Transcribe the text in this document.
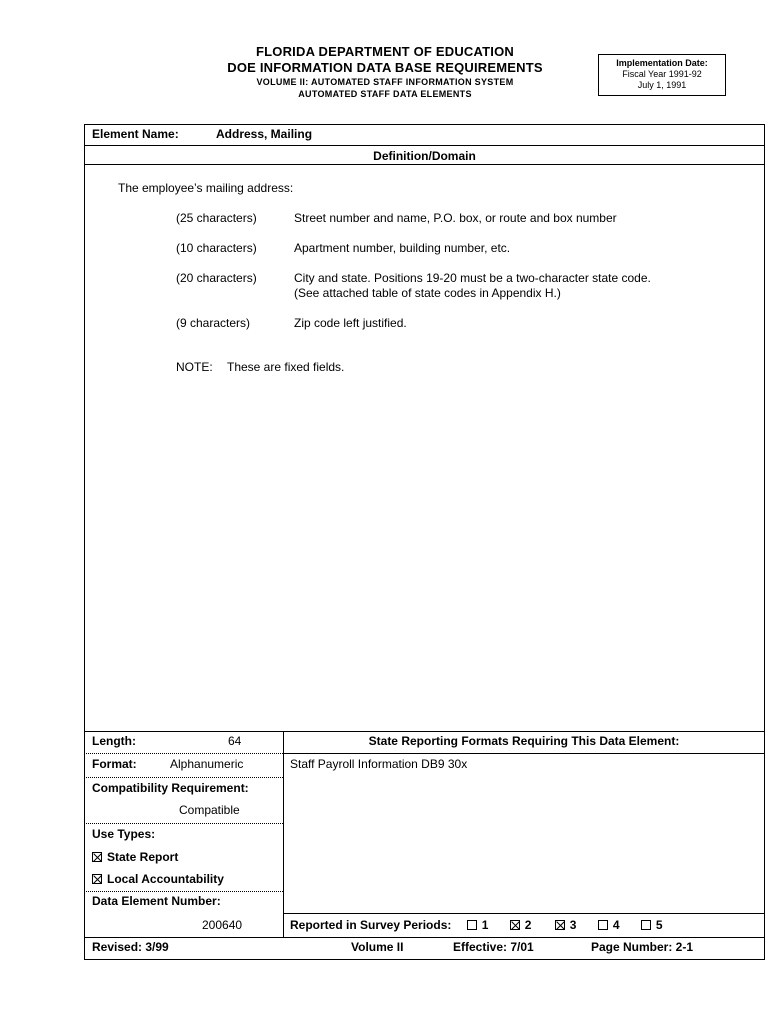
FLORIDA DEPARTMENT OF EDUCATION
DOE INFORMATION DATA BASE REQUIREMENTS
VOLUME II: AUTOMATED STAFF INFORMATION SYSTEM
AUTOMATED STAFF DATA ELEMENTS
Implementation Date:
Fiscal Year 1991-92
July 1, 1991
Element Name:	Address, Mailing
Definition/Domain
The employee’s mailing address:
(25 characters)	Street number and name, P.O. box, or route and box number
(10 characters)	Apartment number, building number, etc.
(20 characters)	City and state. Positions 19-20 must be a two-character state code.
(See attached table of state codes in Appendix H.)
(9 characters)	Zip code left justified.
NOTE: These are fixed fields.
Length:	64
Format:	Alphanumeric
Compatibility Requirement:
Compatible
Use Types:
State Report
Local Accountability
Data Element Number:
200640
State Reporting Formats Requiring This Data Element:
Staff Payroll Information DB9 30x
Reported in Survey Periods:	1	2	3	4	5
Revised: 3/99	Volume II	Effective: 7/01	Page Number: 2-1
